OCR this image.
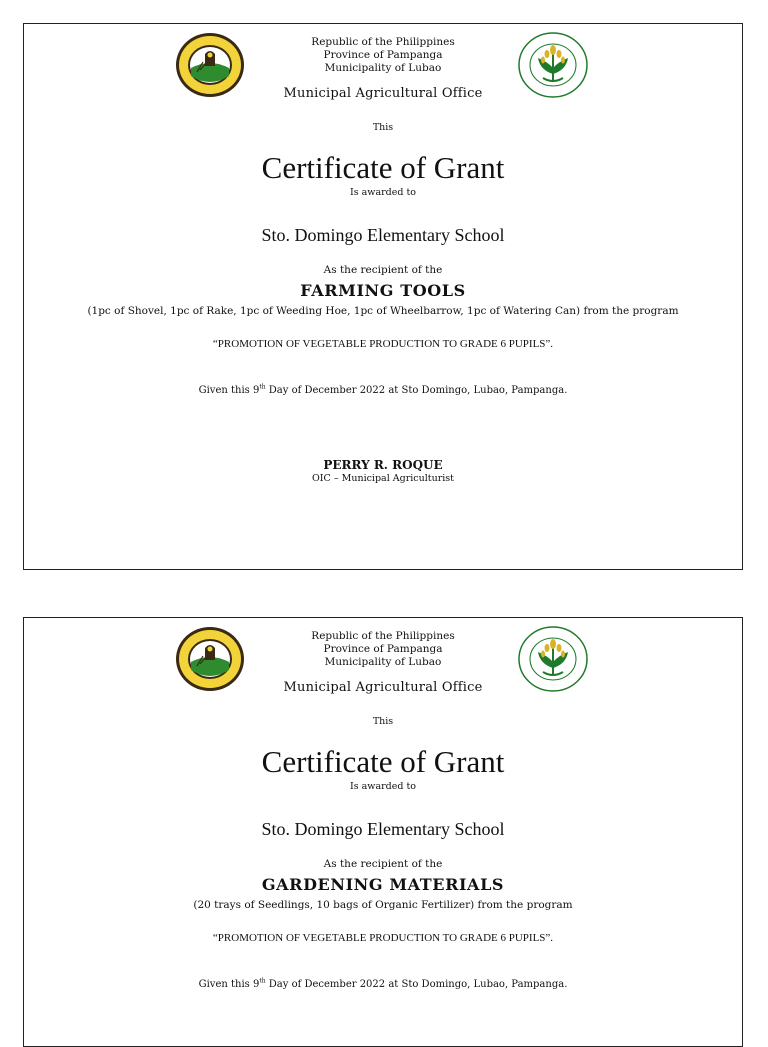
Republic of the Philippines
Province of Pampanga
Municipality of Lubao
Municipal Agricultural Office
This
Certificate of Grant
Is awarded to
Sto. Domingo Elementary School
As the recipient of the
FARMING TOOLS
(1pc of Shovel, 1pc of Rake, 1pc of Weeding Hoe, 1pc of Wheelbarrow, 1pc of Watering Can) from the program
“PROMOTION OF VEGETABLE PRODUCTION TO GRADE 6 PUPILS”.
Given this 9th Day of December 2022 at Sto Domingo, Lubao, Pampanga.
PERRY R. ROQUE
OIC – Municipal Agriculturist
Republic of the Philippines
Province of Pampanga
Municipality of Lubao
Municipal Agricultural Office
This
Certificate of Grant
Is awarded to
Sto. Domingo Elementary School
As the recipient of the
GARDENING MATERIALS
(20 trays of Seedlings, 10 bags of Organic Fertilizer) from the program
“PROMOTION OF VEGETABLE PRODUCTION TO GRADE 6 PUPILS”.
Given this 9th Day of December 2022 at Sto Domingo, Lubao, Pampanga.
